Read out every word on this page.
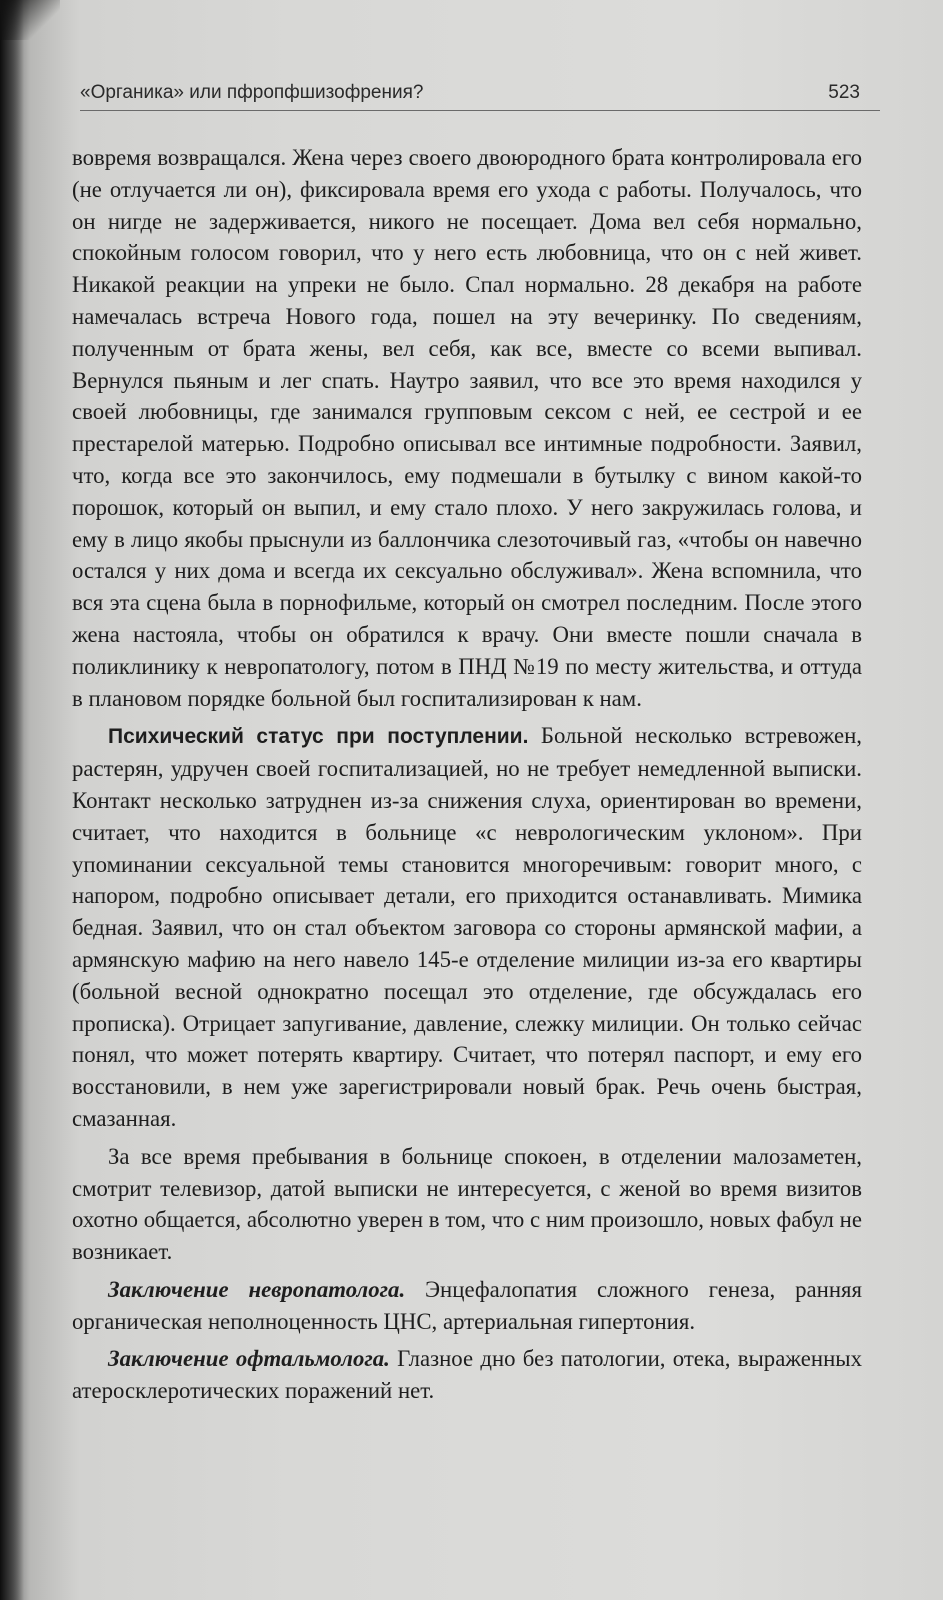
«Органика» или пфропфшизофрения?	523

вовремя возвращался. Жена через своего двоюродного брата контролировала его (не отлучается ли он), фиксировала время его ухода с работы. Получалось, что он нигде не задерживается, никого не посещает. Дома вел себя нормально, спокойным голосом говорил, что у него есть любовница, что он с ней живет. Никакой реакции на упреки не было. Спал нормально. 28 декабря на работе намечалась встреча Нового года, пошел на эту вечеринку. По сведениям, полученным от брата жены, вел себя, как все, вместе со всеми выпивал. Вернулся пьяным и лег спать. Наутро заявил, что все это время находился у своей любовницы, где занимался групповым сексом с ней, ее сестрой и ее престарелой матерью. Подробно описывал все интимные подробности. Заявил, что, когда все это закончилось, ему подмешали в бутылку с вином какой-то порошок, который он выпил, и ему стало плохо. У него закружилась голова, и ему в лицо якобы прыснули из баллончика слезоточивый газ, «чтобы он навечно остался у них дома и всегда их сексуально обслуживал». Жена вспомнила, что вся эта сцена была в порнофильме, который он смотрел последним. После этого жена настояла, чтобы он обратился к врачу. Они вместе пошли сначала в поликлинику к невропатологу, потом в ПНД №19 по месту жительства, и оттуда в плановом порядке больной был госпитализирован к нам.

Психический статус при поступлении. Больной несколько встревожен, растерян, удручен своей госпитализацией, но не требует немедленной выписки. Контакт несколько затруднен из-за снижения слуха, ориентирован во времени, считает, что находится в больнице «с неврологическим уклоном». При упоминании сексуальной темы становится многоречивым: говорит много, с напором, подробно описывает детали, его приходится останавливать. Мимика бедная. Заявил, что он стал объектом заговора со стороны армянской мафии, а армянскую мафию на него навело 145-е отделение милиции из-за его квартиры (больной весной однократно посещал это отделение, где обсуждалась его прописка). Отрицает запугивание, давление, слежку милиции. Он только сейчас понял, что может потерять квартиру. Считает, что потерял паспорт, и ему его восстановили, в нем уже зарегистрировали новый брак. Речь очень быстрая, смазанная.

За все время пребывания в больнице спокоен, в отделении малозаметен, смотрит телевизор, датой выписки не интересуется, с женой во время визитов охотно общается, абсолютно уверен в том, что с ним произошло, новых фабул не возникает.

Заключение невропатолога. Энцефалопатия сложного генеза, ранняя органическая неполноценность ЦНС, артериальная гипертония.

Заключение офтальмолога. Глазное дно без патологии, отека, выраженных атеросклеротических поражений нет.
